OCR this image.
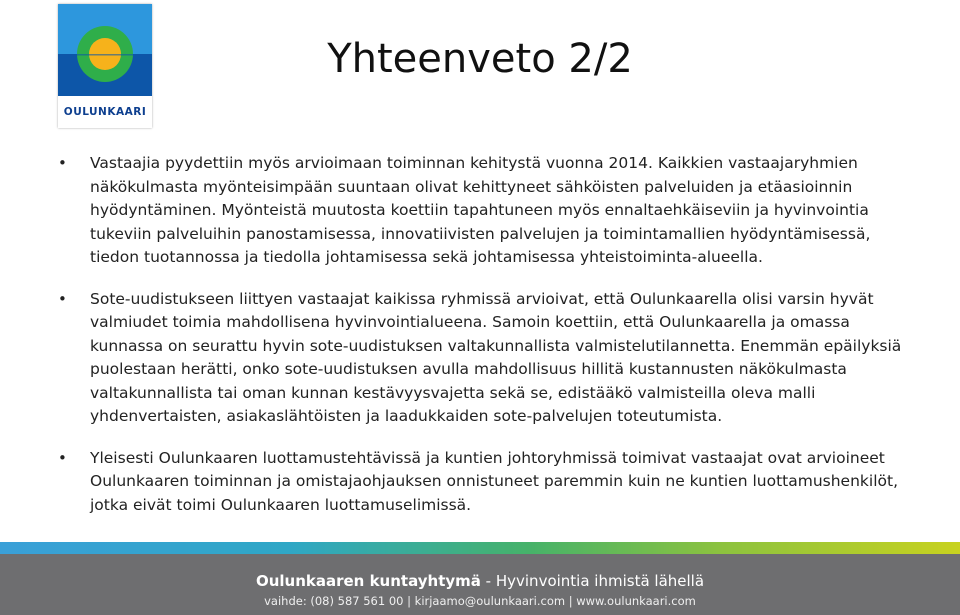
OULUNKAARI
Yhteenveto 2/2
• Vastaajia pyydettiin myös arvioimaan toiminnan kehitystä vuonna 2014. Kaikkien vastaajaryhmien näkökulmasta myönteisimpään suuntaan olivat kehittyneet sähköisten palveluiden ja etäasioinnin hyödyntäminen. Myönteistä muutosta koettiin tapahtuneen myös ennaltaehkäiseviin ja hyvinvointia tukeviin palveluihin panostamisessa, innovatiivisten palvelujen ja toimintamallien hyödyntämisessä, tiedon tuotannossa ja tiedolla johtamisessa sekä johtamisessa yhteistoiminta-alueella.
• Sote-uudistukseen liittyen vastaajat kaikissa ryhmissä arvioivat, että Oulunkaarella olisi varsin hyvät valmiudet toimia mahdollisena hyvinvointialueena. Samoin koettiin, että Oulunkaarella ja omassa kunnassa on seurattu hyvin sote-uudistuksen valtakunnallista valmistelutilannetta. Enemmän epäilyksiä puolestaan herätti, onko sote-uudistuksen avulla mahdollisuus hillitä kustannusten näkökulmasta valtakunnallista tai oman kunnan kestävyysvajetta sekä se, edistääkö valmisteilla oleva malli yhdenvertaisten, asiakaslähtöisten ja laadukkaiden sote-palvelujen toteutumista.
• Yleisesti Oulunkaaren luottamustehtävissä ja kuntien johtoryhmissä toimivat vastaajat ovat arvioineet Oulunkaaren toiminnan ja omistajaohjauksen onnistuneet paremmin kuin ne kuntien luottamushenkilöt, jotka eivät toimi Oulunkaaren luottamuselimissä.
Oulunkaaren kuntayhtymä - Hyvinvointia ihmistä lähellä
vaihde: (08) 587 561 00 | kirjaamo@oulunkaari.com | www.oulunkaari.com
